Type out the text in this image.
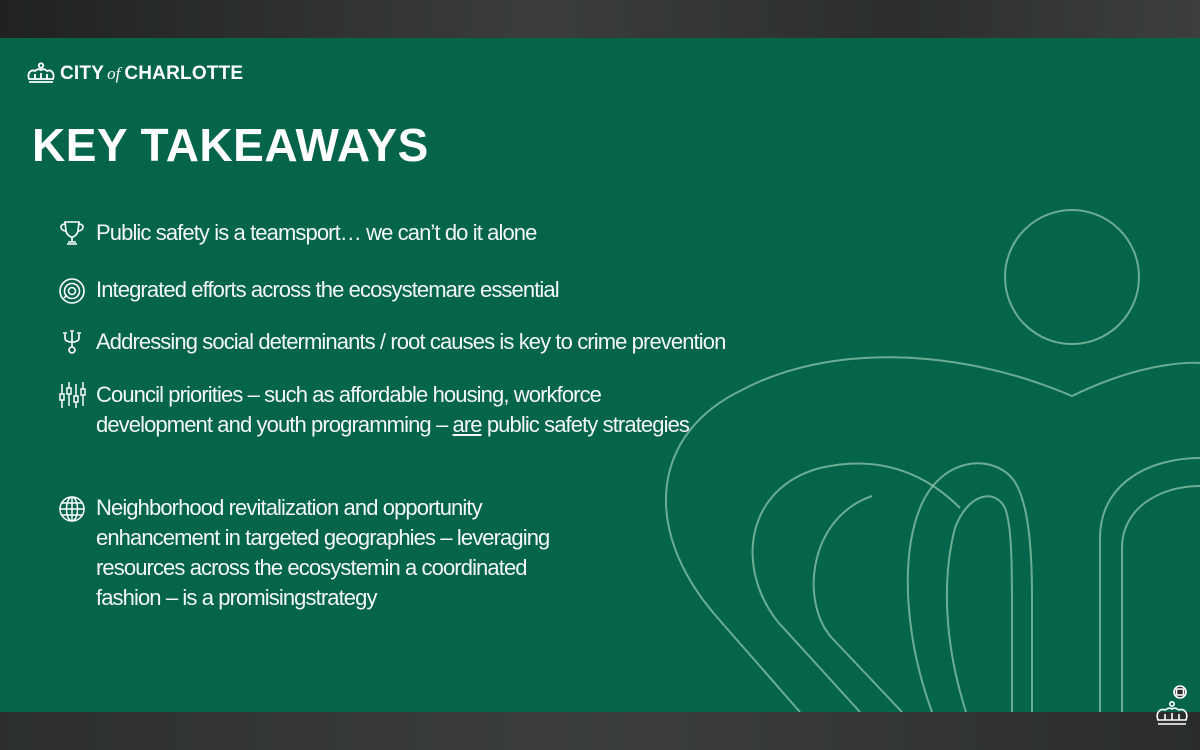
CITY of CHARLOTTE
KEY TAKEAWAYS
Public safety is a teamsport… we can’t do it alone
Integrated efforts across the ecosystemare essential
Addressing social determinants / root causes is key to crime prevention
Council priorities – such as affordable housing, workforce development and youth programming – are public safety strategies
Neighborhood revitalization and opportunity enhancement in targeted geographies – leveraging resources across the ecosystemin a coordinated fashion – is a promisingstrategy
